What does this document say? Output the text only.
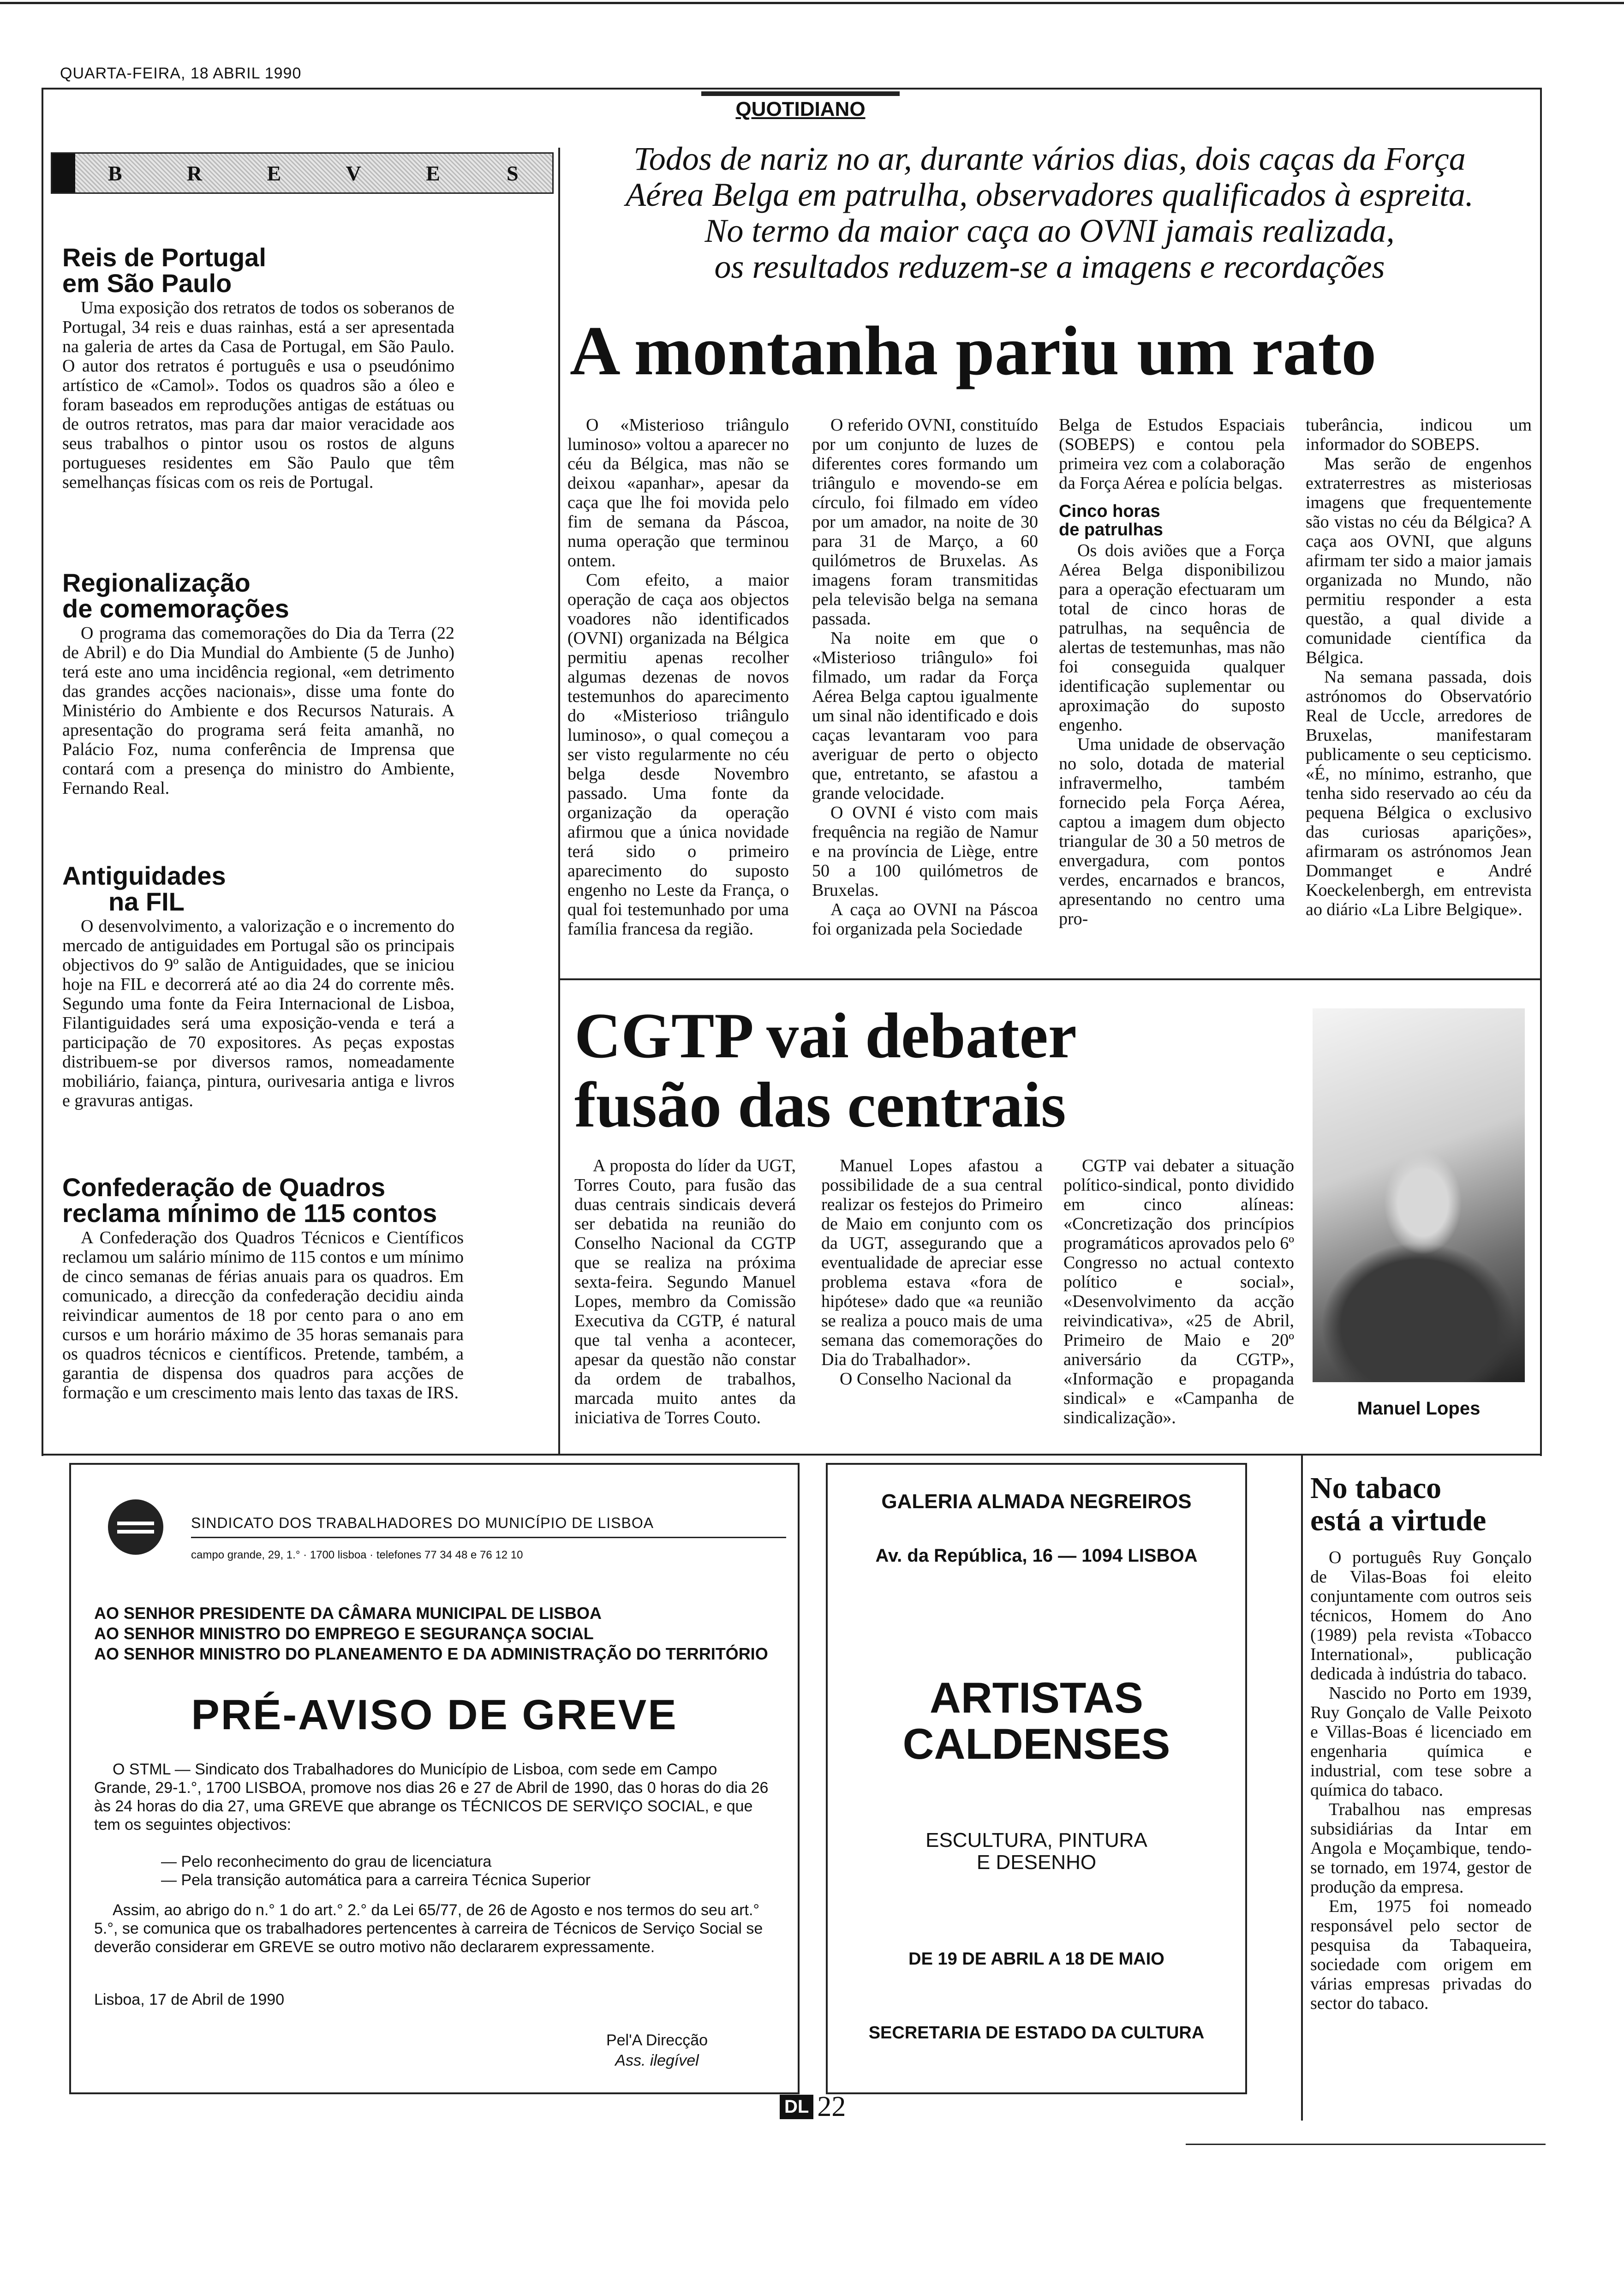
QUARTA-FEIRA, 18 ABRIL 1990
QUOTIDIANO
B	R	E	V	E	S
Reis de Portugal
em São Paulo

Uma exposição dos retratos de todos os soberanos de Portugal, 34 reis e duas rainhas, está a ser apresentada na galeria de artes da Casa de Portugal, em São Paulo. O autor dos retratos é português e usa o pseudónimo artístico de «Camol». Todos os quadros são a óleo e foram baseados em reproduções antigas de estátuas ou de outros retratos, mas para dar maior veracidade aos seus trabalhos o pintor usou os rostos de alguns portugueses residentes em São Paulo que têm semelhanças físicas com os reis de Portugal.

Regionalização
de comemorações

O programa das comemorações do Dia da Terra (22 de Abril) e do Dia Mundial do Ambiente (5 de Junho) terá este ano uma incidência regional, «em detrimento das grandes acções nacionais», disse uma fonte do Ministério do Ambiente e dos Recursos Naturais. A apresentação do programa será feita amanhã, no Palácio Foz, numa conferência de Imprensa que contará com a presença do ministro do Ambiente, Fernando Real.

Antiguidades
na FIL

O desenvolvimento, a valorização e o incremento do mercado de antiguidades em Portugal são os principais objectivos do 9º salão de Antiguidades, que se iniciou hoje na FIL e decorrerá até ao dia 24 do corrente mês. Segundo uma fonte da Feira Internacional de Lisboa, Filantiguidades será uma exposição-venda e terá a participação de 70 expositores. As peças expostas distribuem-se por diversos ramos, nomeadamente mobiliário, faiança, pintura, ourivesaria antiga e livros e gravuras antigas.

Confederação de Quadros
reclama mínimo de 115 contos

A Confederação dos Quadros Técnicos e Científicos reclamou um salário mínimo de 115 contos e um mínimo de cinco semanas de férias anuais para os quadros. Em comunicado, a direcção da confederação decidiu ainda reivindicar aumentos de 18 por cento para o ano em cursos e um horário máximo de 35 horas semanais para os quadros técnicos e científicos. Pretende, também, a garantia de dispensa dos quadros para acções de formação e um crescimento mais lento das taxas de IRS.

Todos de nariz no ar, durante vários dias, dois caças da Força
Aérea Belga em patrulha, observadores qualificados à espreita.
No termo da maior caça ao OVNI jamais realizada,
os resultados reduzem-se a imagens e recordações
A montanha pariu um rato

O «Misterioso triângulo luminoso» voltou a aparecer no céu da Bélgica, mas não se deixou «apanhar», apesar da caça que lhe foi movida pelo fim de semana da Páscoa, numa operação que terminou ontem.

Com efeito, a maior operação de caça aos objectos voadores não identificados (OVNI) organizada na Bélgica permitiu apenas recolher algumas dezenas de novos testemunhos do aparecimento do «Misterioso triângulo luminoso», o qual começou a ser visto regularmente no céu belga desde Novembro passado. Uma fonte da organização da operação afirmou que a única novidade terá sido o primeiro aparecimento do suposto engenho no Leste da França, o qual foi testemunhado por uma família francesa da região.

O referido OVNI, constituído por um conjunto de luzes de diferentes cores formando um triângulo e movendo-se em círculo, foi filmado em vídeo por um amador, na noite de 30 para 31 de Março, a 60 quilómetros de Bruxelas. As imagens foram transmitidas pela televisão belga na semana passada.

Na noite em que o «Misterioso triângulo» foi filmado, um radar da Força Aérea Belga captou igualmente um sinal não identificado e dois caças levantaram voo para averiguar de perto o objecto que, entretanto, se afastou a grande velocidade.

O OVNI é visto com mais frequência na região de Namur e na província de Liège, entre 50 a 100 quilómetros de Bruxelas.

A caça ao OVNI na Páscoa foi organizada pela Sociedade

Belga de Estudos Espaciais (SOBEPS) e contou pela primeira vez com a colaboração da Força Aérea e polícia belgas.

Cinco horas
de patrulhas

Os dois aviões que a Força Aérea Belga disponibilizou para a operação efectuaram um total de cinco horas de patrulhas, na sequência de alertas de testemunhas, mas não foi conseguida qualquer identificação suplementar ou aproximação do suposto engenho.

Uma unidade de observação no solo, dotada de material infravermelho, também fornecido pela Força Aérea, captou a imagem dum objecto triangular de 30 a 50 metros de envergadura, com pontos verdes, encarnados e brancos, apresentando no centro uma pro-

tuberância, indicou um informador do SOBEPS.

Mas serão de engenhos extraterrestres as misteriosas imagens que frequentemente são vistas no céu da Bélgica? A caça aos OVNI, que alguns afirmam ter sido a maior jamais organizada no Mundo, não permitiu responder a esta questão, a qual divide a comunidade científica da Bélgica.

Na semana passada, dois astrónomos do Observatório Real de Uccle, arredores de Bruxelas, manifestaram publicamente o seu cepticismo. «É, no mínimo, estranho, que tenha sido reservado ao céu da pequena Bélgica o exclusivo das curiosas aparições», afirmaram os astrónomos Jean Dommanget e André Koeckelenbergh, em entrevista ao diário «La Libre Belgique».

CGTP vai debater
fusão das centrais
Manuel Lopes

A proposta do líder da UGT, Torres Couto, para fusão das duas centrais sindicais deverá ser debatida na reunião do Conselho Nacional da CGTP que se realiza na próxima sexta-feira. Segundo Manuel Lopes, membro da Comissão Executiva da CGTP, é natural que tal venha a acontecer, apesar da questão não constar da ordem de trabalhos, marcada muito antes da iniciativa de Torres Couto.

Manuel Lopes afastou a possibilidade de a sua central realizar os festejos do Primeiro de Maio em conjunto com os da UGT, assegurando que a eventualidade de apreciar esse problema estava «fora de hipótese» dado que «a reunião se realiza a pouco mais de uma semana das comemorações do Dia do Trabalhador».

O Conselho Nacional da

CGTP vai debater a situação político-sindical, ponto dividido em cinco alíneas: «Concretização dos princípios programáticos aprovados pelo 6º Congresso no actual contexto político e social», «Desenvolvimento da acção reivindicativa», «25 de Abril, Primeiro de Maio e 20º aniversário da CGTP», «Informação e propaganda sindical» e «Campanha de sindicalização».

SINDICATO DOS TRABALHADORES DO MUNICÍPIO DE LISBOA
campo grande, 29, 1.° · 1700 lisboa · telefones 77 34 48 e 76 12 10
AO SENHOR PRESIDENTE DA CÂMARA MUNICIPAL DE LISBOA
AO SENHOR MINISTRO DO EMPREGO E SEGURANÇA SOCIAL
AO SENHOR MINISTRO DO PLANEAMENTO E DA ADMINISTRAÇÃO DO TERRITÓRIO
PRÉ-AVISO DE GREVE
O STML — Sindicato dos Trabalhadores do Município de Lisboa, com sede em Campo Grande, 29-1.°, 1700 LISBOA, promove nos dias 26 e 27 de Abril de 1990, das 0 horas do dia 26 às 24 horas do dia 27, uma GREVE que abrange os TÉCNICOS DE SERVIÇO SOCIAL, e que tem os seguintes objectivos:
— Pelo reconhecimento do grau de licenciatura
— Pela transição automática para a carreira Técnica Superior
Assim, ao abrigo do n.° 1 do art.° 2.° da Lei 65/77, de 26 de Agosto e nos termos do seu art.° 5.°, se comunica que os trabalhadores pertencentes à carreira de Técnicos de Serviço Social se deverão considerar em GREVE se outro motivo não declararem expressamente.
Lisboa, 17 de Abril de 1990
Pel'A Direcção
Ass. ilegível
GALERIA ALMADA NEGREIROS
Av. da República, 16 — 1094 LISBOA
ARTISTAS
CALDENSES
ESCULTURA, PINTURA
E DESENHO
DE 19 DE ABRIL A 18 DE MAIO
SECRETARIA DE ESTADO DA CULTURA
No tabaco
está a virtude

O português Ruy Gonçalo de Vilas-Boas foi eleito conjuntamente com outros seis técnicos, Homem do Ano (1989) pela revista «Tobacco International», publicação dedicada à indústria do tabaco.

Nascido no Porto em 1939, Ruy Gonçalo de Valle Peixoto e Villas-Boas é licenciado em engenharia química e industrial, com tese sobre a química do tabaco.

Trabalhou nas empresas subsidiárias da Intar em Angola e Moçambique, tendo-se tornado, em 1974, gestor de produção da empresa.

Em, 1975 foi nomeado responsável pelo sector de pesquisa da Tabaqueira, sociedade com origem em várias empresas privadas do sector do tabaco.

DL 22
